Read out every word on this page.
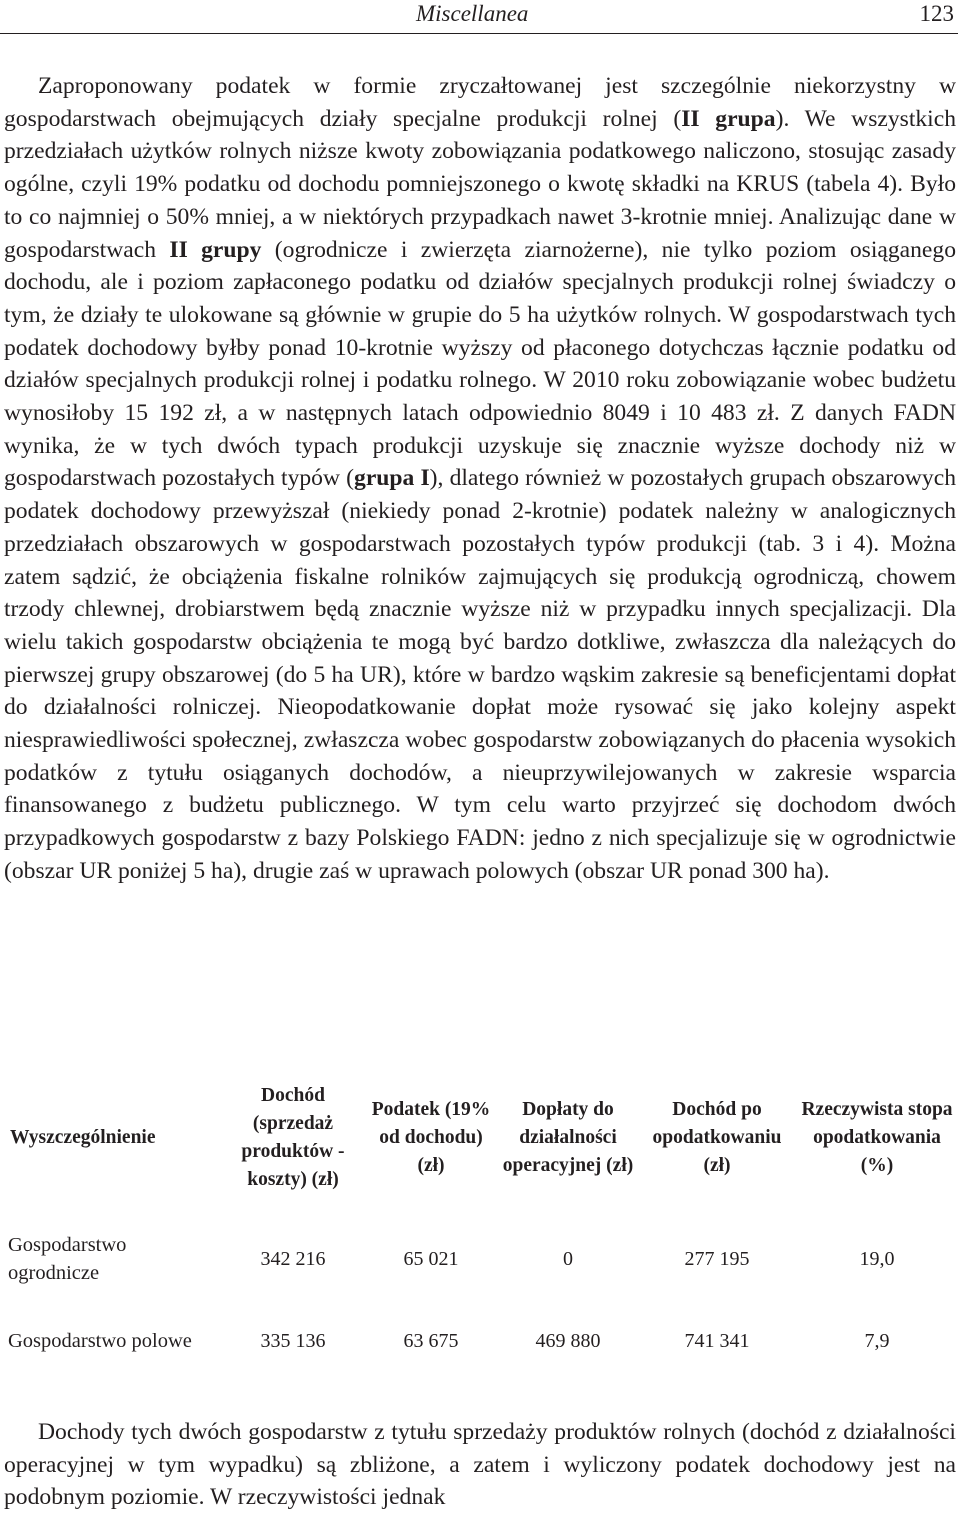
Miscellanea	123

Zaproponowany podatek w formie zryczałtowanej jest szczególnie niekorzystny w gospodarstwach obejmujących działy specjalne produkcji rolnej (II grupa). We wszystkich przedziałach użytków rolnych niższe kwoty zobowiązania podatkowego naliczono, stosując zasady ogólne, czyli 19% podatku od dochodu pomniejszonego o kwotę składki na KRUS (tabela 4). Było to co najmniej o 50% mniej, a w niektórych przypadkach nawet 3-krotnie mniej. Analizując dane w gospodarstwach II grupy (ogrodnicze i zwierzęta ziarnożerne), nie tylko poziom osiąganego dochodu, ale i poziom zapłaconego podatku od działów specjalnych produkcji rolnej świadczy o tym, że działy te ulokowane są głównie w grupie do 5 ha użytków rolnych. W gospodarstwach tych podatek dochodowy byłby ponad 10-krotnie wyższy od płaconego dotychczas łącznie podatku od działów specjalnych produkcji rolnej i podatku rolnego. W 2010 roku zobowiązanie wobec budżetu wynosiłoby 15 192 zł, a w następnych latach odpowiednio 8049 i 10 483 zł. Z danych FADN wynika, że w tych dwóch typach produkcji uzyskuje się znacznie wyższe dochody niż w gospodarstwach pozostałych typów (grupa I), dlatego również w pozostałych grupach obszarowych podatek dochodowy przewyższał (niekiedy ponad 2-krotnie) podatek należny w analogicznych przedziałach obszarowych w gospodarstwach pozostałych typów produkcji (tab. 3 i 4). Można zatem sądzić, że obciążenia fiskalne rolników zajmujących się produkcją ogrodniczą, chowem trzody chlewnej, drobiarstwem będą znacznie wyższe niż w przypadku innych specjalizacji. Dla wielu takich gospodarstw obciążenia te mogą być bardzo dotkliwe, zwłaszcza dla należących do pierwszej grupy obszarowej (do 5 ha UR), które w bardzo wąskim zakresie są beneficjentami dopłat do działalności rolniczej. Nieopodatkowanie dopłat może rysować się jako kolejny aspekt niesprawiedliwości społecznej, zwłaszcza wobec gospodarstw zobowiązanych do płacenia wysokich podatków z tytułu osiąganych dochodów, a nieuprzywilejowanych w zakresie wsparcia finansowanego z budżetu publicznego. W tym celu warto przyjrzeć się dochodom dwóch przypadkowych gospodarstw z bazy Polskiego FADN: jedno z nich specjalizuje się w ogrodnictwie (obszar UR poniżej 5 ha), drugie zaś w uprawach polowych (obszar UR ponad 300 ha).

Wyszczególnienie	Dochód (sprzedaż produktów - koszty) (zł)	Podatek (19% od dochodu) (zł)	Dopłaty do działalności operacyjnej (zł)	Dochód po opodatkowaniu (zł)	Rzeczywista stopa opodatkowania (%)
Gospodarstwo ogrodnicze	342 216	65 021	0	277 195	19,0
Gospodarstwo polowe	335 136	63 675	469 880	741 341	7,9

Dochody tych dwóch gospodarstw z tytułu sprzedaży produktów rolnych (dochód z działalności operacyjnej w tym wypadku) są zbliżone, a zatem i wyliczony podatek dochodowy jest na podobnym poziomie. W rzeczywistości jednak
